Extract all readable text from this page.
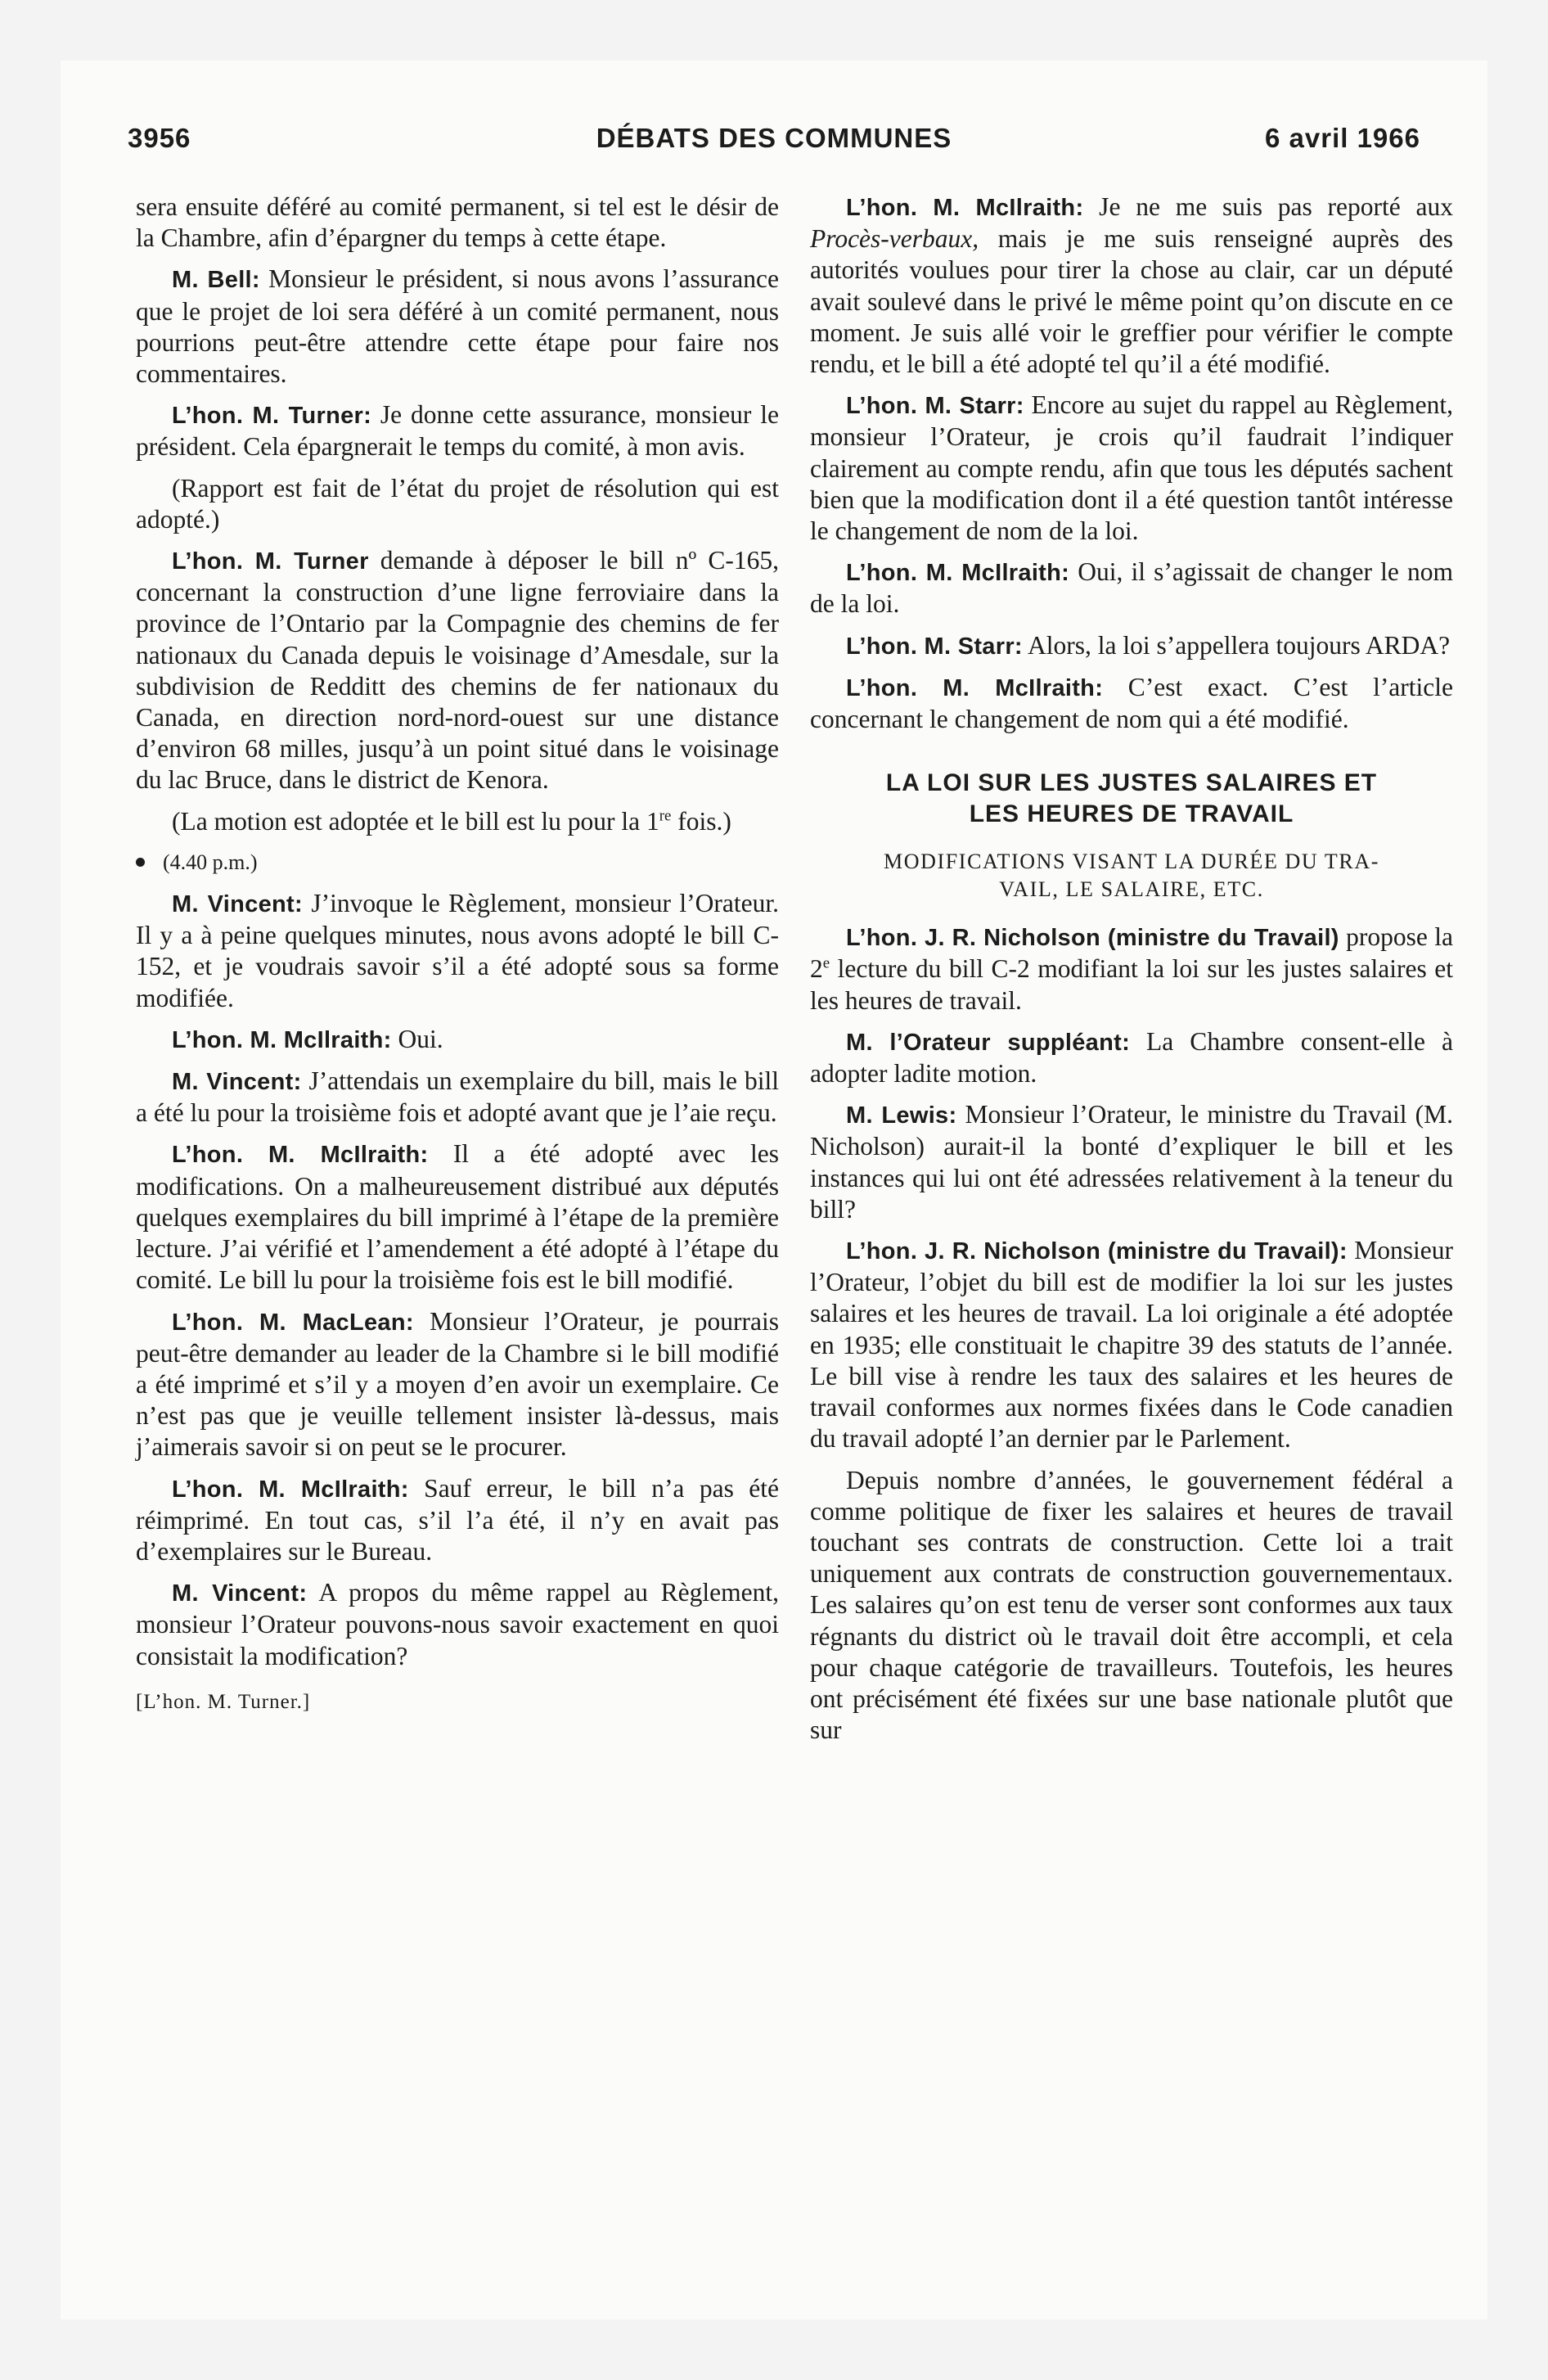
3956	DÉBATS DES COMMUNES	6 avril 1966

sera ensuite déféré au comité permanent, si tel est le désir de la Chambre, afin d’épargner du temps à cette étape.

M. Bell: Monsieur le président, si nous avons l’assurance que le projet de loi sera déféré à un comité permanent, nous pourrions peut-être attendre cette étape pour faire nos commentaires.

L’hon. M. Turner: Je donne cette assurance, monsieur le président. Cela épargnerait le temps du comité, à mon avis.

(Rapport est fait de l’état du projet de résolution qui est adopté.)

L’hon. M. Turner demande à déposer le bill nº C-165, concernant la construction d’une ligne ferroviaire dans la province de l’Ontario par la Compagnie des chemins de fer nationaux du Canada depuis le voisinage d’Amesdale, sur la subdivision de Redditt des chemins de fer nationaux du Canada, en direction nord-nord-ouest sur une distance d’environ 68 milles, jusqu’à un point situé dans le voisinage du lac Bruce, dans le district de Kenora.

(La motion est adoptée et le bill est lu pour la 1re fois.)

(4.40 p.m.)

M. Vincent: J’invoque le Règlement, monsieur l’Orateur. Il y a à peine quelques minutes, nous avons adopté le bill C-152, et je voudrais savoir s’il a été adopté sous sa forme modifiée.

L’hon. M. McIlraith: Oui.

M. Vincent: J’attendais un exemplaire du bill, mais le bill a été lu pour la troisième fois et adopté avant que je l’aie reçu.

L’hon. M. McIlraith: Il a été adopté avec les modifications. On a malheureusement distribué aux députés quelques exemplaires du bill imprimé à l’étape de la première lecture. J’ai vérifié et l’amendement a été adopté à l’étape du comité. Le bill lu pour la troisième fois est le bill modifié.

L’hon. M. MacLean: Monsieur l’Orateur, je pourrais peut-être demander au leader de la Chambre si le bill modifié a été imprimé et s’il y a moyen d’en avoir un exemplaire. Ce n’est pas que je veuille tellement insister là-dessus, mais j’aimerais savoir si on peut se le procurer.

L’hon. M. McIlraith: Sauf erreur, le bill n’a pas été réimprimé. En tout cas, s’il l’a été, il n’y en avait pas d’exemplaires sur le Bureau.

M. Vincent: A propos du même rappel au Règlement, monsieur l’Orateur pouvons-nous savoir exactement en quoi consistait la modification?

[L’hon. M. Turner.]

L’hon. M. McIlraith: Je ne me suis pas reporté aux Procès-verbaux, mais je me suis renseigné auprès des autorités voulues pour tirer la chose au clair, car un député avait soulevé dans le privé le même point qu’on discute en ce moment. Je suis allé voir le greffier pour vérifier le compte rendu, et le bill a été adopté tel qu’il a été modifié.

L’hon. M. Starr: Encore au sujet du rappel au Règlement, monsieur l’Orateur, je crois qu’il faudrait l’indiquer clairement au compte rendu, afin que tous les députés sachent bien que la modification dont il a été question tantôt intéresse le changement de nom de la loi.

L’hon. M. McIlraith: Oui, il s’agissait de changer le nom de la loi.

L’hon. M. Starr: Alors, la loi s’appellera toujours ARDA?

L’hon. M. McIlraith: C’est exact. C’est l’article concernant le changement de nom qui a été modifié.

LA LOI SUR LES JUSTES SALAIRES ET
LES HEURES DE TRAVAIL
MODIFICATIONS VISANT LA DURÉE DU TRA-
VAIL, LE SALAIRE, ETC.

L’hon. J. R. Nicholson (ministre du Travail) propose la 2e lecture du bill C-2 modifiant la loi sur les justes salaires et les heures de travail.

M. l’Orateur suppléant: La Chambre consent-elle à adopter ladite motion.

M. Lewis: Monsieur l’Orateur, le ministre du Travail (M. Nicholson) aurait-il la bonté d’expliquer le bill et les instances qui lui ont été adressées relativement à la teneur du bill?

L’hon. J. R. Nicholson (ministre du Travail): Monsieur l’Orateur, l’objet du bill est de modifier la loi sur les justes salaires et les heures de travail. La loi originale a été adoptée en 1935; elle constituait le chapitre 39 des statuts de l’année. Le bill vise à rendre les taux des salaires et les heures de travail conformes aux normes fixées dans le Code canadien du travail adopté l’an dernier par le Parlement.

Depuis nombre d’années, le gouvernement fédéral a comme politique de fixer les salaires et heures de travail touchant ses contrats de construction. Cette loi a trait uniquement aux contrats de construction gouvernementaux. Les salaires qu’on est tenu de verser sont conformes aux taux régnants du district où le travail doit être accompli, et cela pour chaque catégorie de travailleurs. Toutefois, les heures ont précisément été fixées sur une base nationale plutôt que sur
